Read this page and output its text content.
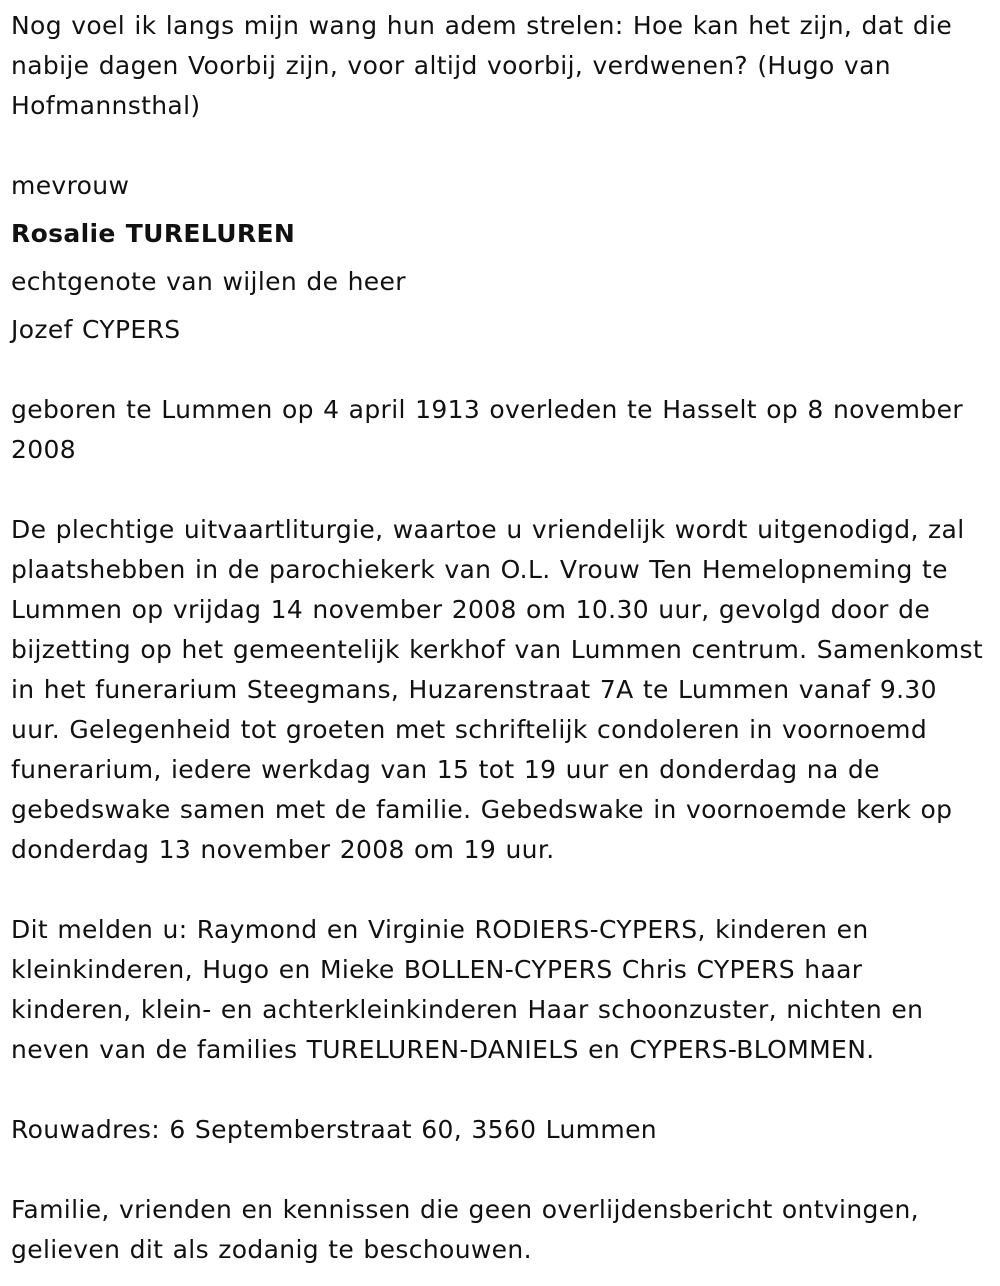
Nog voel ik langs mijn wang hun adem strelen: Hoe kan het zijn, dat die nabije dagen Voorbij zijn, voor altijd voorbij, verdwenen? (Hugo van Hofmannsthal)

mevrouw

Rosalie TURELUREN

echtgenote van wijlen de heer

Jozef CYPERS

geboren te Lummen op 4 april 1913 overleden te Hasselt op 8 november 2008

De plechtige uitvaartliturgie, waartoe u vriendelijk wordt uitgenodigd, zal plaatshebben in de parochiekerk van O.L. Vrouw Ten Hemelopneming te Lummen op vrijdag 14 november 2008 om 10.30 uur, gevolgd door de bijzetting op het gemeentelijk kerkhof van Lummen centrum. Samenkomst in het funerarium Steegmans, Huzarenstraat 7A te Lummen vanaf 9.30 uur. Gelegenheid tot groeten met schriftelijk condoleren in voornoemd funerarium, iedere werkdag van 15 tot 19 uur en donderdag na de gebedswake samen met de familie. Gebedswake in voornoemde kerk op donderdag 13 november 2008 om 19 uur.

Dit melden u: Raymond en Virginie RODIERS-CYPERS, kinderen en kleinkinderen, Hugo en Mieke BOLLEN-CYPERS Chris CYPERS haar kinderen, klein- en achterkleinkinderen Haar schoonzuster, nichten en neven van de families TURELUREN-DANIELS en CYPERS-BLOMMEN.

Rouwadres: 6 Septemberstraat 60, 3560 Lummen

Familie, vrienden en kennissen die geen overlijdensbericht ontvingen, gelieven dit als zodanig te beschouwen.
